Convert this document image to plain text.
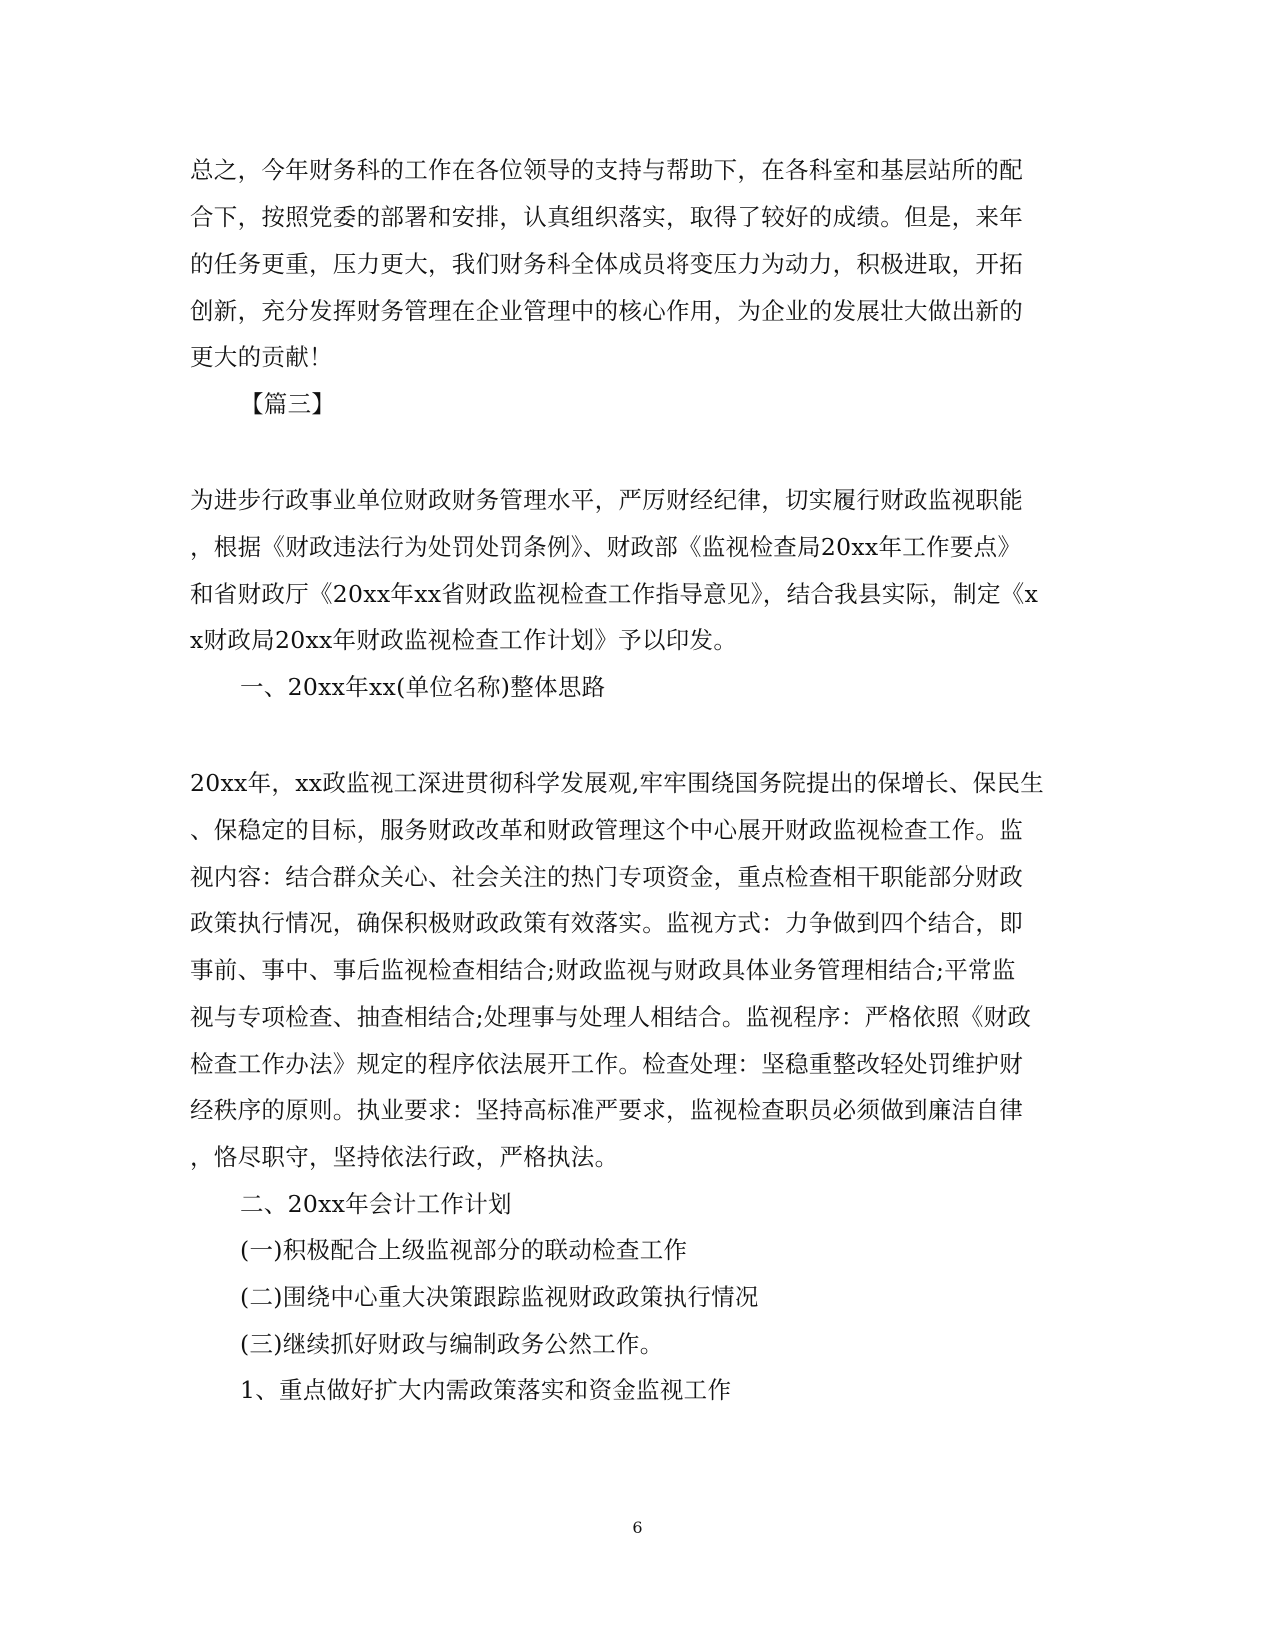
总之，今年财务科的工作在各位领导的支持与帮助下，在各科室和基层站所的配
合下，按照党委的部署和安排，认真组织落实，取得了较好的成绩。但是，来年
的任务更重，压力更大，我们财务科全体成员将变压力为动力，积极进取，开拓
创新，充分发挥财务管理在企业管理中的核心作用，为企业的发展壮大做出新的
更大的贡献！
【篇三】
为进步行政事业单位财政财务管理水平，严厉财经纪律，切实履行财政监视职能
，根据《财政违法行为处罚处罚条例》、财政部《监视检查局20xx年工作要点》
和省财政厅《20xx年xx省财政监视检查工作指导意见》，结合我县实际，制定《x
x财政局20xx年财政监视检查工作计划》予以印发。
一、20xx年xx(单位名称)整体思路
20xx年，xx政监视工深进贯彻科学发展观,牢牢围绕国务院提出的保增长、保民生
、保稳定的目标，服务财政改革和财政管理这个中心展开财政监视检查工作。监
视内容：结合群众关心、社会关注的热门专项资金，重点检查相干职能部分财政
政策执行情况，确保积极财政政策有效落实。监视方式：力争做到四个结合，即
事前、事中、事后监视检查相结合;财政监视与财政具体业务管理相结合;平常监
视与专项检查、抽查相结合;处理事与处理人相结合。监视程序：严格依照《财政
检查工作办法》规定的程序依法展开工作。检查处理：坚稳重整改轻处罚维护财
经秩序的原则。执业要求：坚持高标准严要求，监视检查职员必须做到廉洁自律
，恪尽职守，坚持依法行政，严格执法。
二、20xx年会计工作计划
(一)积极配合上级监视部分的联动检查工作
(二)围绕中心重大决策跟踪监视财政政策执行情况
(三)继续抓好财政与编制政务公然工作。
1、重点做好扩大内需政策落实和资金监视工作
6
